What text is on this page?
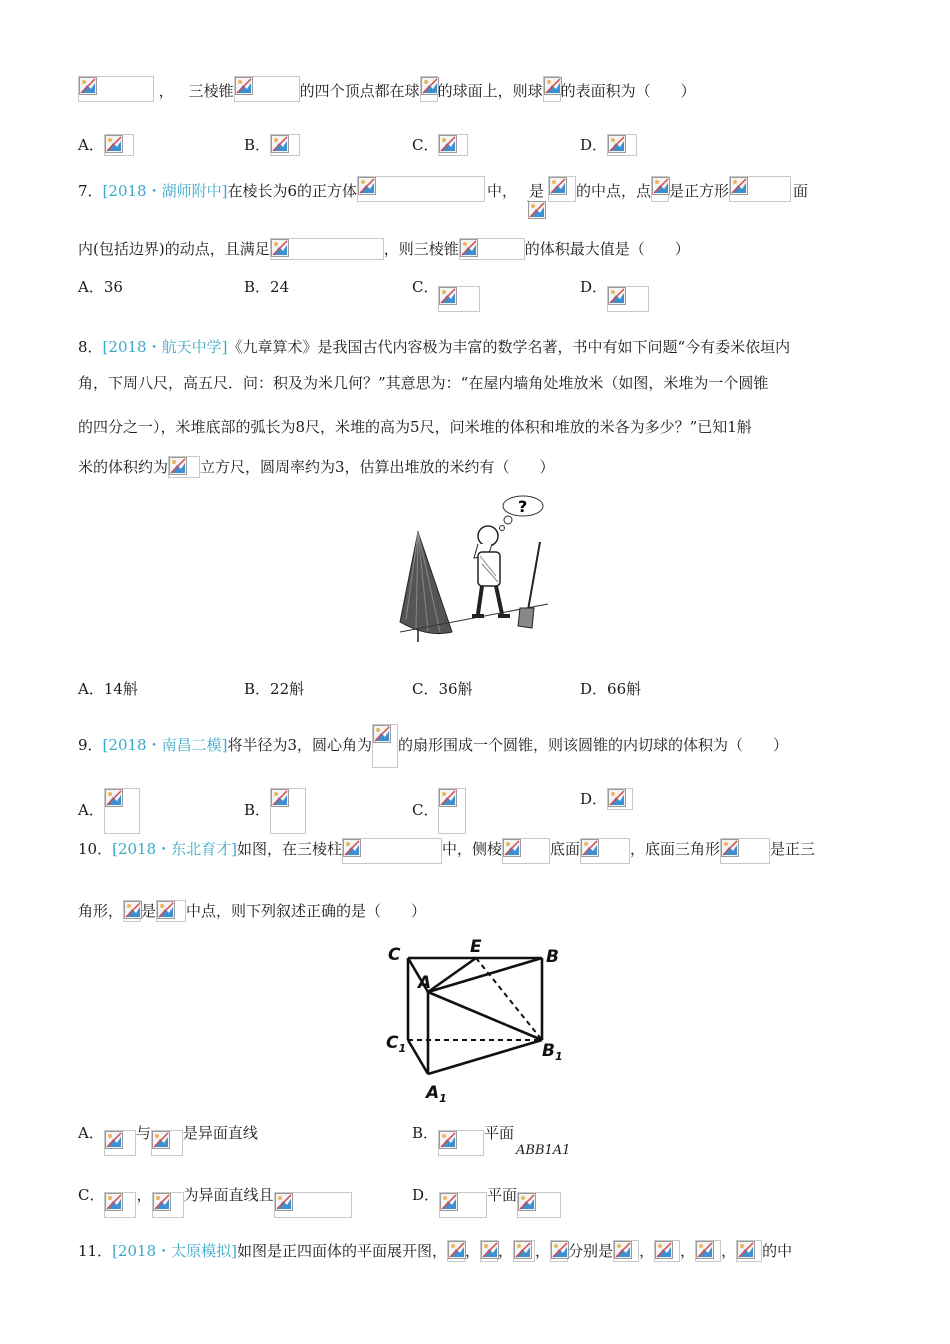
， 三棱锥	的四个顶点都在球 的球面上，则球 的表面积为（　　）
A．	B．	C．	D．
7．[2018・湖师附中]在棱长为6的正方体	中， 是 的中点，点 是正方形	面
内(包括边界)的动点，且满足	，则三棱锥	的体积最大值是（　　）
A．36	B．24	C．	D．
8．[2018・航天中学]《九章算术》是我国古代内容极为丰富的数学名著，书中有如下问题“今有委米依垣内
角，下周八尺，高五尺．问：积及为米几何？”其意思为：“在屋内墙角处堆放米（如图，米堆为一个圆锥
的四分之一），米堆底部的弧长为8尺，米堆的高为5尺，问米堆的体积和堆放的米各为多少？”已知1斛
米的体积约为 立方尺，圆周率约为3，估算出堆放的米约有（　　）
?
A．14斛	B．22斛	C．36斛	D．66斛
9．[2018・南昌二模]将半径为3，圆心角为 的扇形围成一个圆锥，则该圆锥的内切球的体积为（　　）
A．	B．	C．
D．
10．[2018・东北育才]如图，在三棱柱	中，侧棱	底面	，底面三角形	是正三
角形， 是 中点，则下列叙述正确的是（　　）
C	E	B
A
$C_1$	$B_1$
$A_1$
A． 与 是异面直线	B．	平面
ABB1A1
C． ， 为异面直线且	D．	平面
11．[2018・太原模拟]如图是正四面体的平面展开图， ， ， ， 分别是 ， ， ， 的中
